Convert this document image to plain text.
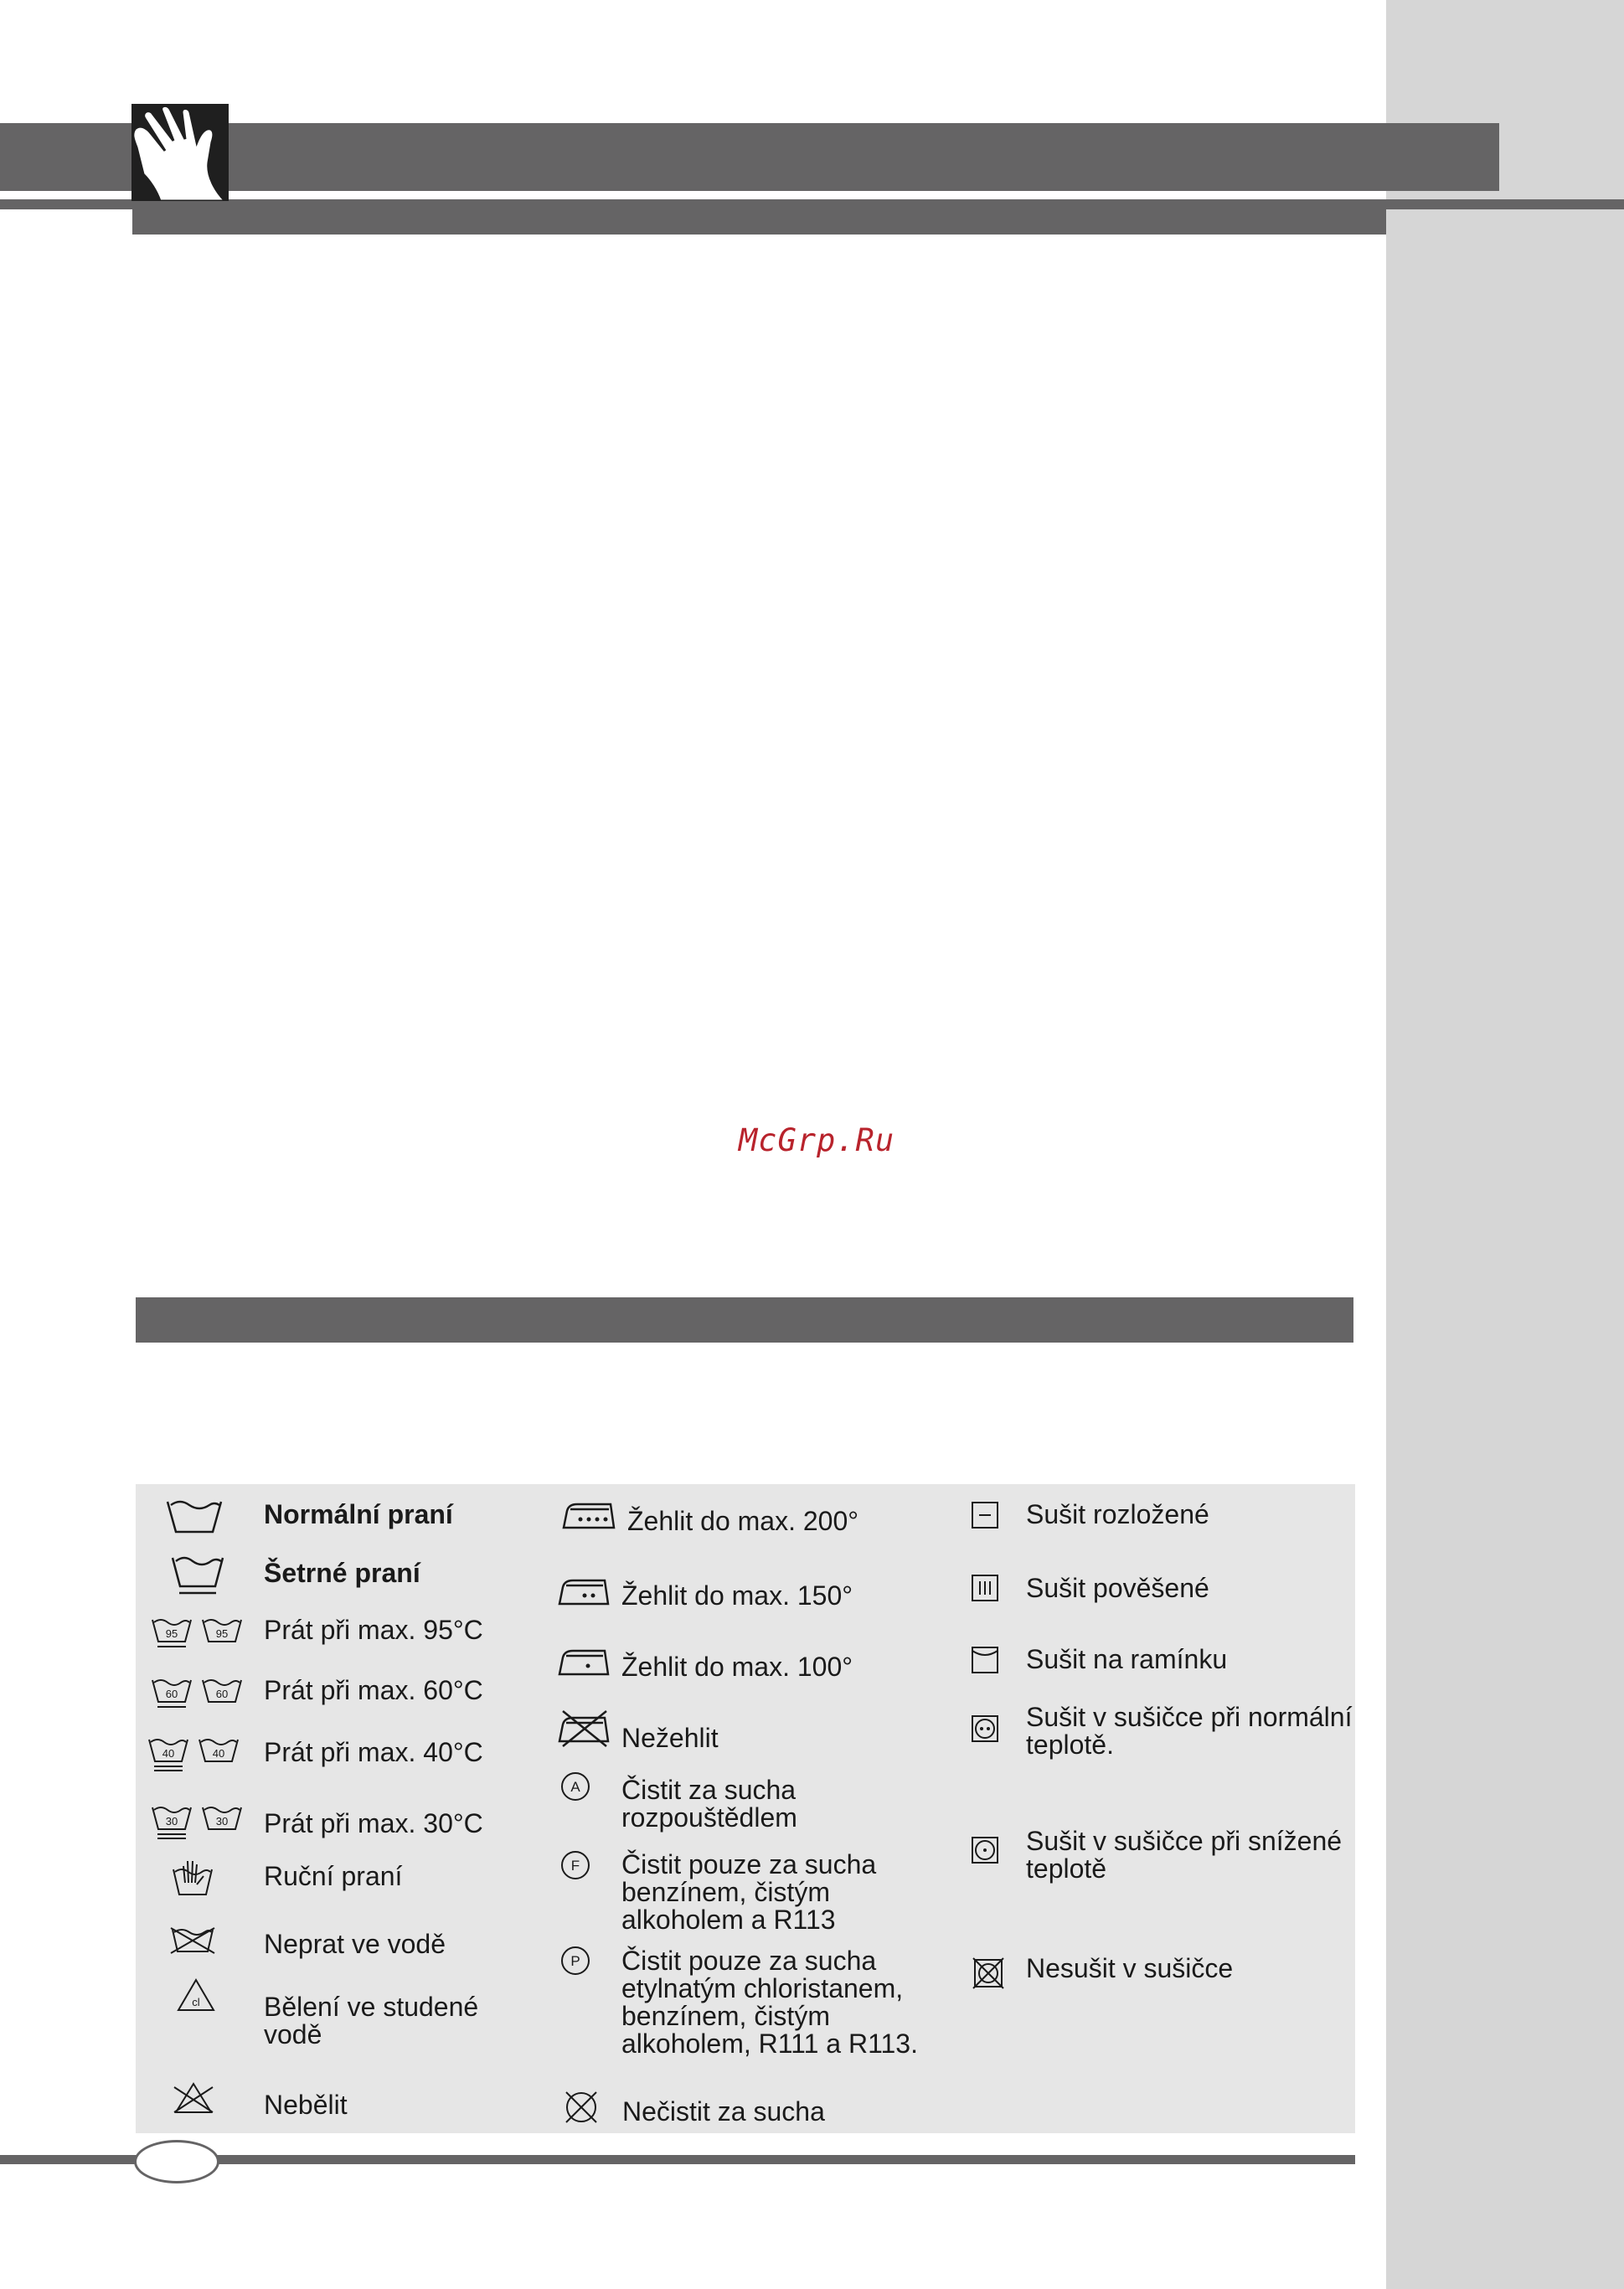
McGrp.Ru
Normální praní
Šetrné praní
95	95 Prát při max. 95°C
60	60 Prát při max. 60°C
40	40 Prát při max. 40°C
30	30 Prát při max. 30°C
Ruční praní
Neprat ve vodě
cl Bělení ve studené vodě
Nebělit
Žehlit do max. 200°
Žehlit do max. 150°
Žehlit do max. 100°
Nežehlit
A Čistit za sucha rozpouštědlem
F Čistit pouze za sucha benzínem, čistým alkoholem a R113
P Čistit pouze za sucha etylnatým chloristanem, benzínem, čistým alkoholem, R111 a R113.
Nečistit za sucha
Sušit rozložené
Sušit pověšené
Sušit na ramínku
Sušit v sušičce při normální teplotě.
Sušit v sušičce při snížené teplotě
Nesušit v sušičce
